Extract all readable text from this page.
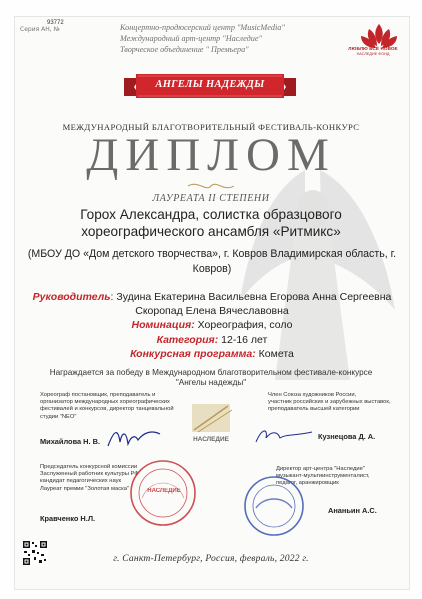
Серия АН, №
93772	Концертно-продюсерский центр "MusicMedia"
Международный арт-центр "Наследие"
Творческое объединение " Премьера"	ЛЮБЛЮ ВСЁ НОВОЕ
НАСЛЕДИЕ ФОНД
АНГЕЛЫ НАДЕЖДЫ
МЕЖДУНАРОДНЫЙ БЛАГОТВОРИТЕЛЬНЫЙ ФЕСТИВАЛЬ-КОНКУРС
ДИПЛОМ
ЛАУРЕАТА II СТЕПЕНИ
Горох Александра, солистка образцового
хореографического ансамбля «Ритмикс»
(МБОУ ДО «Дом детского творчества», г. Ковров Владимирская область, г.
Ковров)
Руководитель: Зудина Екатерина Васильевна Егорова Анна Сергеевна
Скоропад Елена Вячеславовна
Номинация: Хореография, соло
Категория: 12-16 лет
Конкурсная программа: Комета
Награждается за победу в Международном благотворительном фестивале-конкурсе
"Ангелы надежды"
Хореограф постановщик, преподаватель и
организатор международных хореографических
фестивалей и конкурсов, директор танцевальной
студии "NEO"
Михайлова Н. В.	НАСЛЕДИЕ
Член Союза художников России,
участник российских и зарубежных выставок,
преподаватель высшей категории
Кузнецова Д. А.
Председатель конкурсной комиссии
Заслуженный работник культуры РФ
кандидат педагогических наук
Лауреат премии "Золотая маска"
Кравченко Н.Л.
НАСЛЕДИЕ
Директор арт-центра "Наследие"
музыкант-мультиинструменталист,
педагог, аранжировщик
Ананьин А.С.
г. Санкт-Петербург, Россия, февраль, 2022 г.
